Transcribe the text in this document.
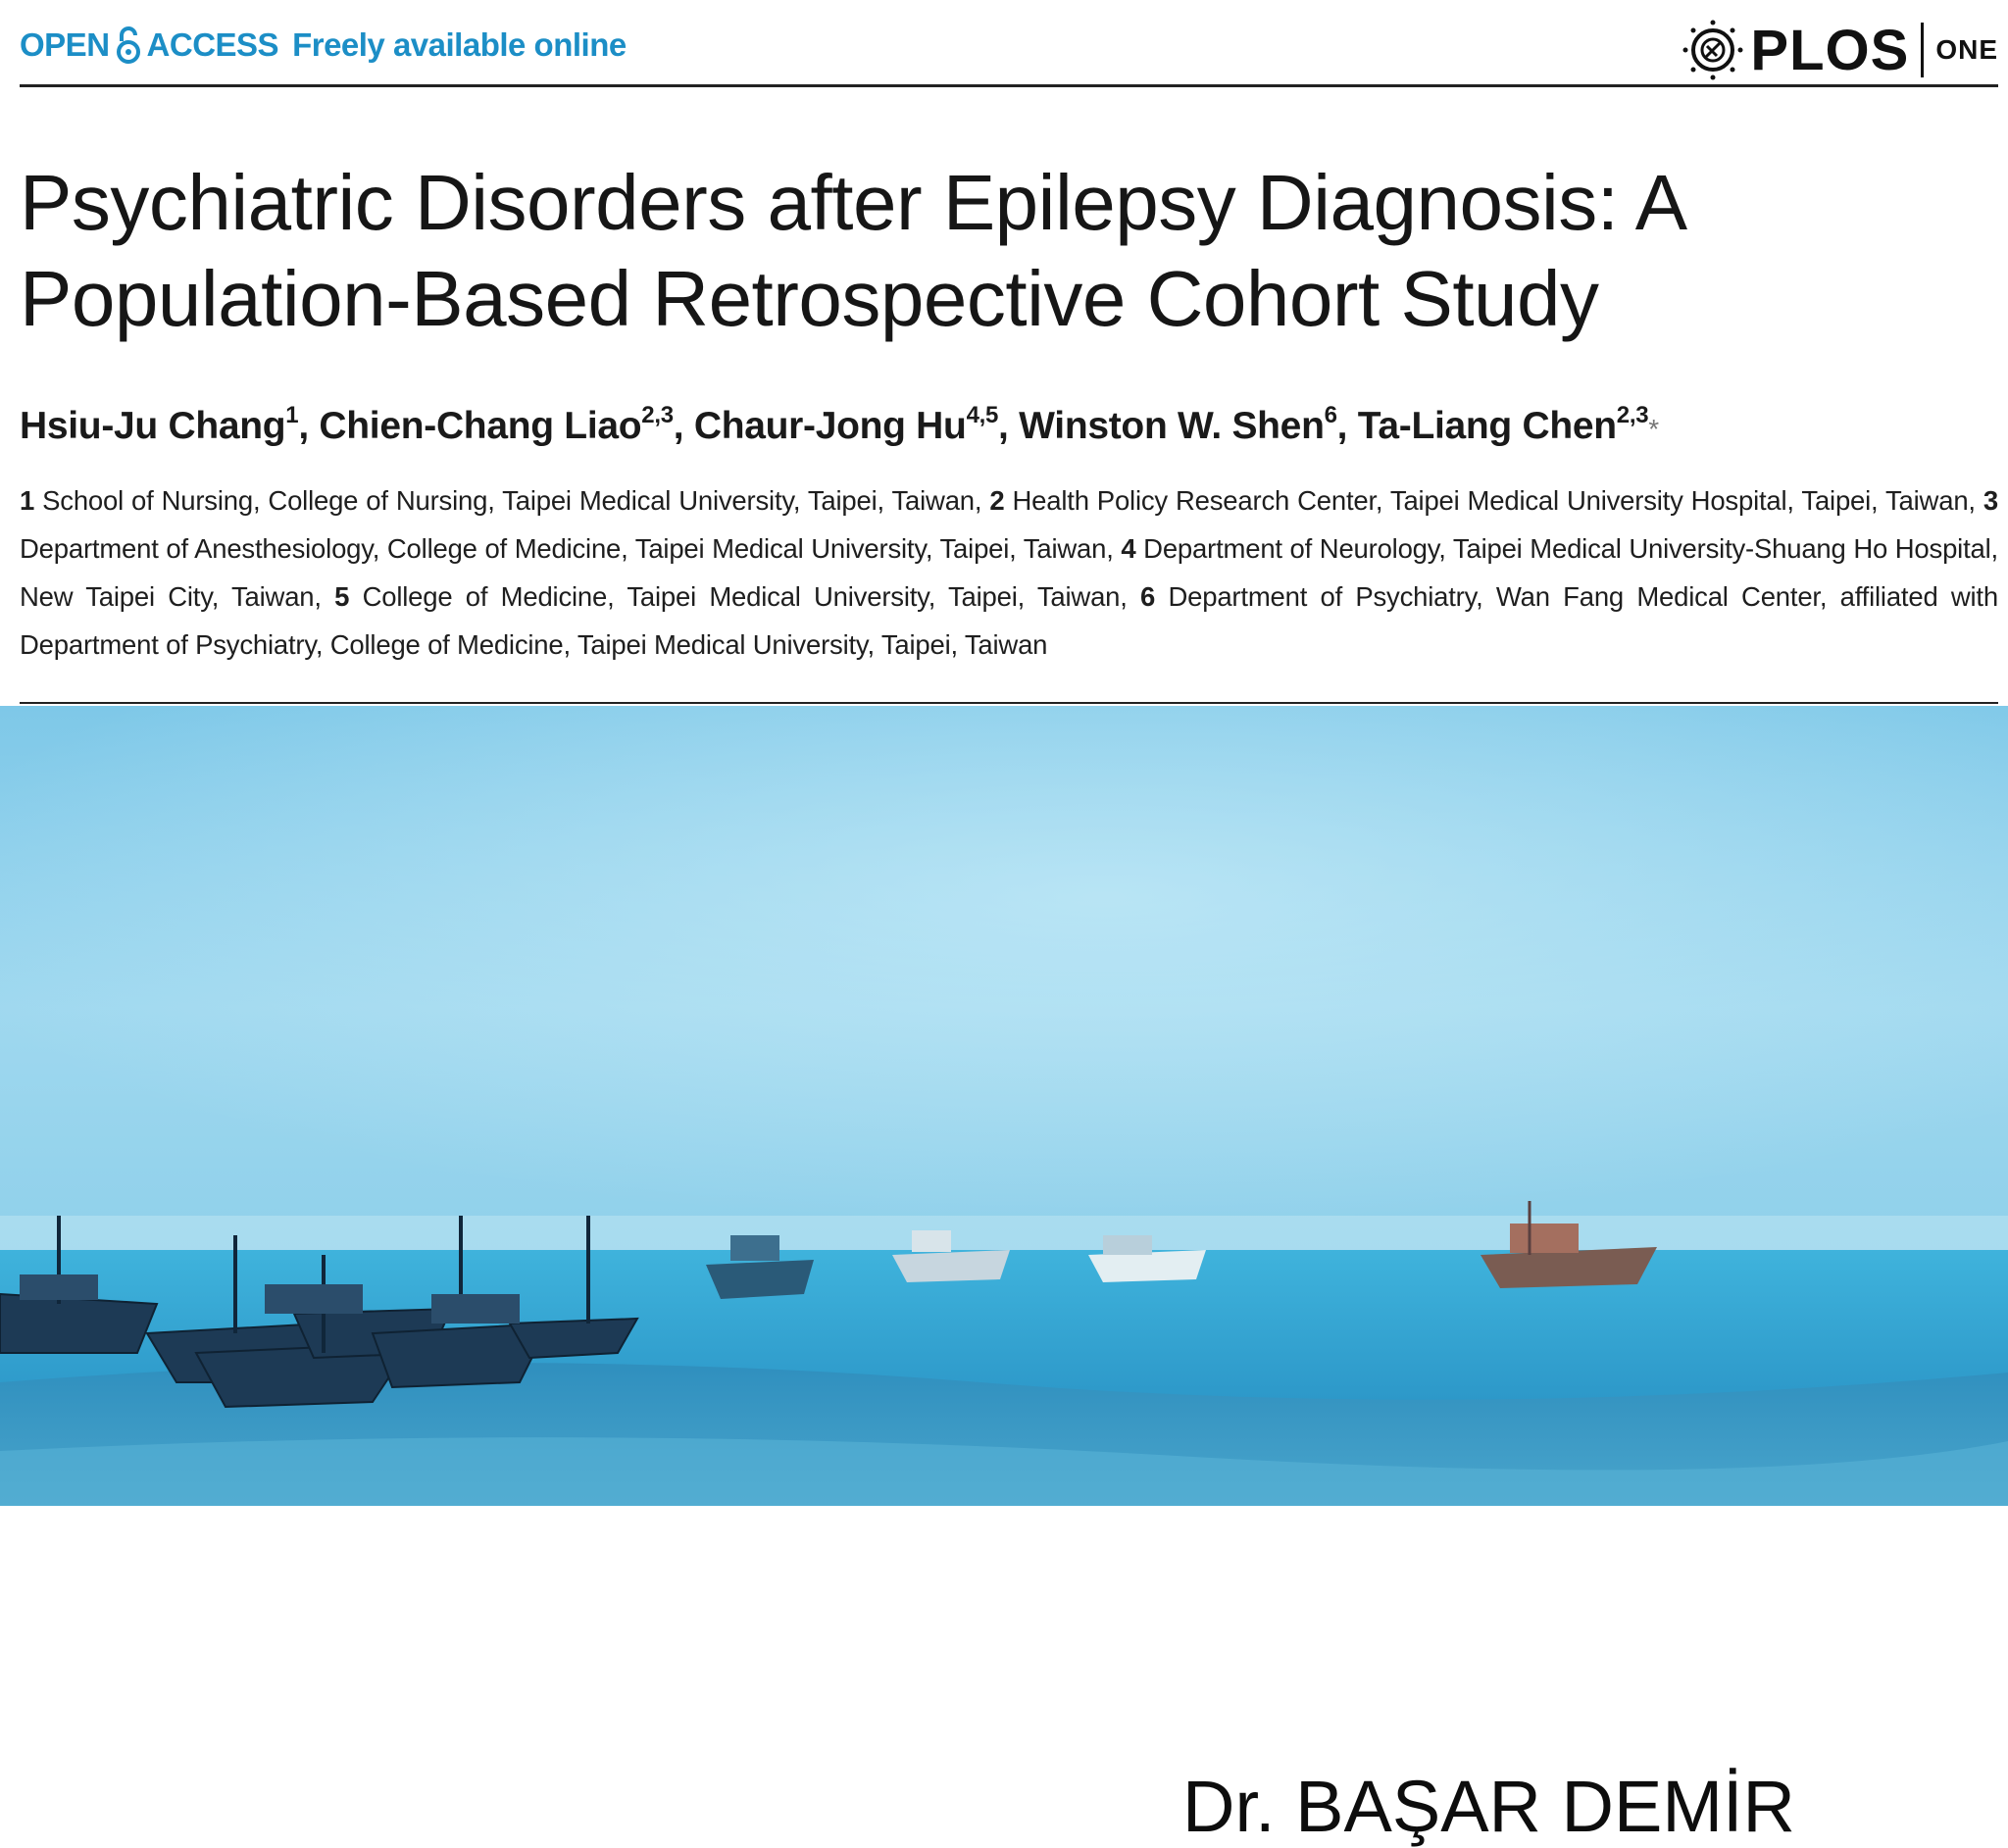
OPEN ACCESS Freely available online	PLOS ONE
Psychiatric Disorders after Epilepsy Diagnosis: A
Population-Based Retrospective Cohort Study
Hsiu-Ju Chang$^1$, Chien-Chang Liao$^{2,3}$, Chaur-Jong Hu$^{4,5}$, Winston W. Shen$^6$, Ta-Liang Chen$^{2,3}$*
1 School of Nursing, College of Nursing, Taipei Medical University, Taipei, Taiwan, 2 Health Policy Research Center, Taipei Medical University Hospital, Taipei, Taiwan, 3 Department of Anesthesiology, College of Medicine, Taipei Medical University, Taipei, Taiwan, 4 Department of Neurology, Taipei Medical University-Shuang Ho Hospital, New Taipei City, Taiwan, 5 College of Medicine, Taipei Medical University, Taipei, Taiwan, 6 Department of Psychiatry, Wan Fang Medical Center, affiliated with Department of Psychiatry, College of Medicine, Taipei Medical University, Taipei, Taiwan
Dr. BAŞAR DEMİR
